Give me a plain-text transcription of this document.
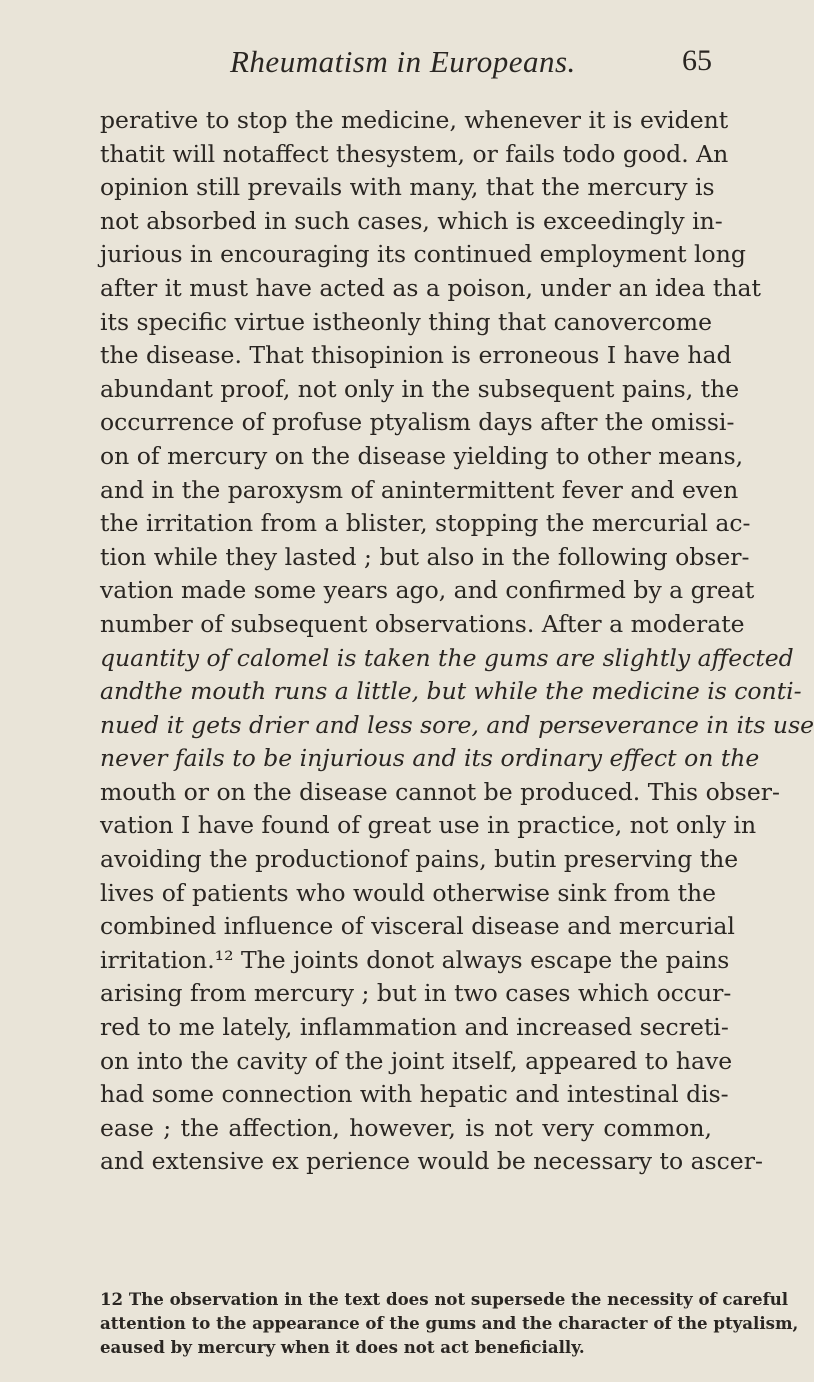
Rheumatism in Europeans.	65
perative to stop the medicine, whenever it is evident
thatit will notaffect thesystem, or fails todo good. An
opinion still prevails with many, that the mercury is
not absorbed in such cases, which is exceedingly in-
jurious in encouraging its continued employment long
after it must have acted as a poison, under an idea that
its specific virtue istheonly thing that canovercome
the disease. That thisopinion is erroneous I have had
abundant proof, not only in the subsequent pains, the
occurrence of profuse ptyalism days after the omissi-
on of mercury on the disease yielding to other means,
and in the paroxysm of anintermittent fever and even
the irritation from a blister, stopping the mercurial ac-
tion while they lasted ; but also in the following obser-
vation made some years ago, and confirmed by a great
number of subsequent observations. After a moderate
quantity of calomel is taken the gums are slightly affected
andthe mouth runs a little, but while the medicine is conti-
nued it gets drier and less sore, and perseverance in its use
never fails to be injurious and its ordinary effect on the
mouth or on the disease cannot be produced. This obser-
vation I have found of great use in practice, not only in
avoiding the productionof pains, butin preserving the
lives of patients who would otherwise sink from the
combined influence of visceral disease and mercurial
irritation.¹² The joints donot always escape the pains
arising from mercury ; but in two cases which occur-
red to me lately, inflammation and increased secreti-
on into the cavity of the joint itself, appeared to have
had some connection with hepatic and intestinal dis-
ease ; the affection, however, is not very common,
and extensive ex perience would be necessary to ascer-
12 The observation in the text does not supersede the necessity of careful
attention to the appearance of the gums and the character of the ptyalism,
eaused by mercury when it does not act beneficially.
